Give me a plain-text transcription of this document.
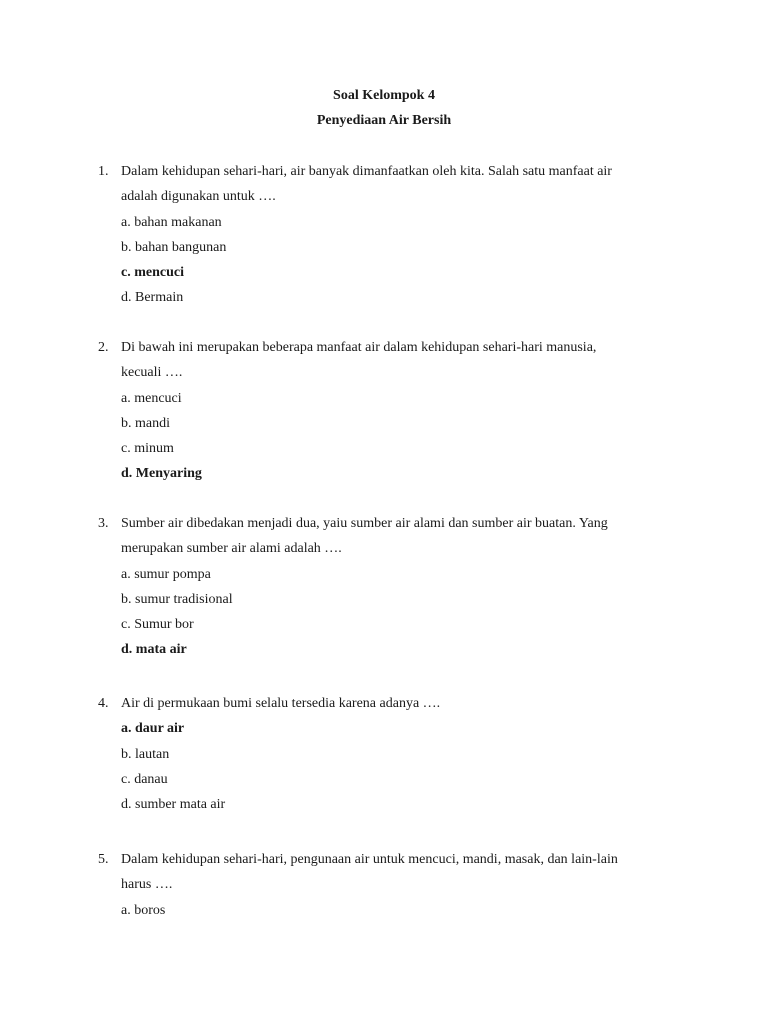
Soal Kelompok 4
Penyediaan Air Bersih
1. Dalam kehidupan sehari-hari, air banyak dimanfaatkan oleh kita. Salah satu manfaat air
adalah digunakan untuk ….
a. bahan makanan
b. bahan bangunan
c. mencuci
d. Bermain
2. Di bawah ini merupakan beberapa manfaat air dalam kehidupan sehari-hari manusia,
kecuali ….
a. mencuci
b. mandi
c. minum
d. Menyaring
3. Sumber air dibedakan menjadi dua, yaiu sumber air alami dan sumber air buatan. Yang
merupakan sumber air alami adalah ….
a. sumur pompa
b. sumur tradisional
c. Sumur bor
d. mata air
4. Air di permukaan bumi selalu tersedia karena adanya ….
a. daur air
b. lautan
c. danau
d. sumber mata air
5. Dalam kehidupan sehari-hari, pengunaan air untuk mencuci, mandi, masak, dan lain-lain
harus ….
a. boros
